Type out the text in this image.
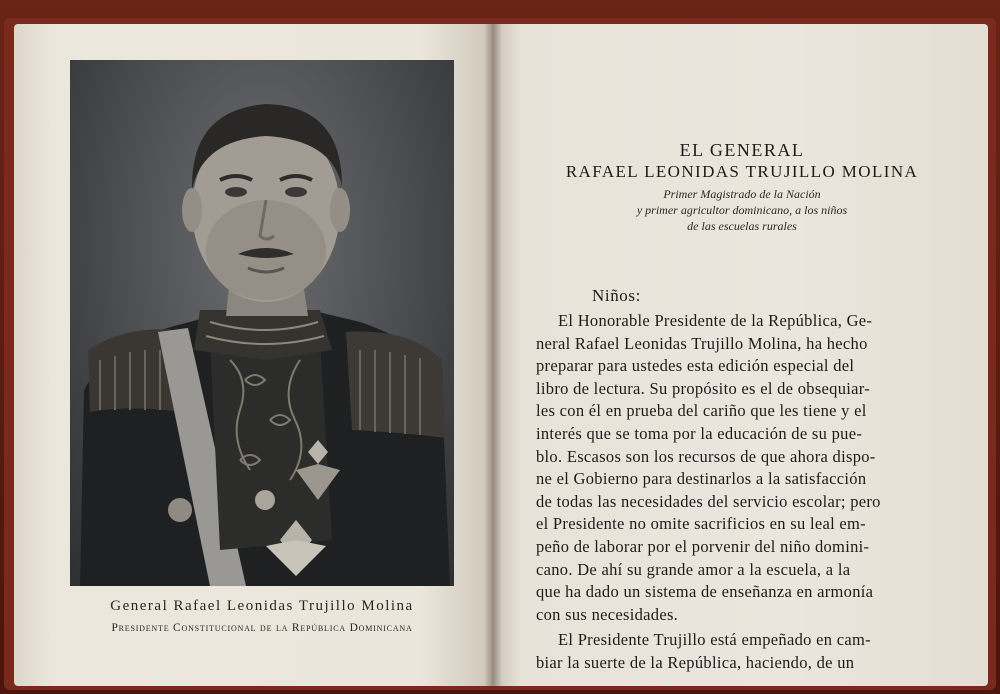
General Rafael Leonidas Trujillo Molina
Presidente Constitucional de la República Dominicana
EL GENERAL
RAFAEL LEONIDAS TRUJILLO MOLINA
Primer Magistrado de la Nación
y primer agricultor dominicano, a los niños
de las escuelas rurales
Niños:
El Honorable Presidente de la República, Ge-
neral Rafael Leonidas Trujillo Molina, ha hecho
preparar para ustedes esta edición especial del
libro de lectura. Su propósito es el de obsequiar-
les con él en prueba del cariño que les tiene y el
interés que se toma por la educación de su pue-
blo. Escasos son los recursos de que ahora dispo-
ne el Gobierno para destinarlos a la satisfacción
de todas las necesidades del servicio escolar; pero
el Presidente no omite sacrificios en su leal em-
peño de laborar por el porvenir del niño domini-
cano. De ahí su grande amor a la escuela, a la
que ha dado un sistema de enseñanza en armonía
con sus necesidades.
El Presidente Trujillo está empeñado en cam-
biar la suerte de la República, haciendo, de un
